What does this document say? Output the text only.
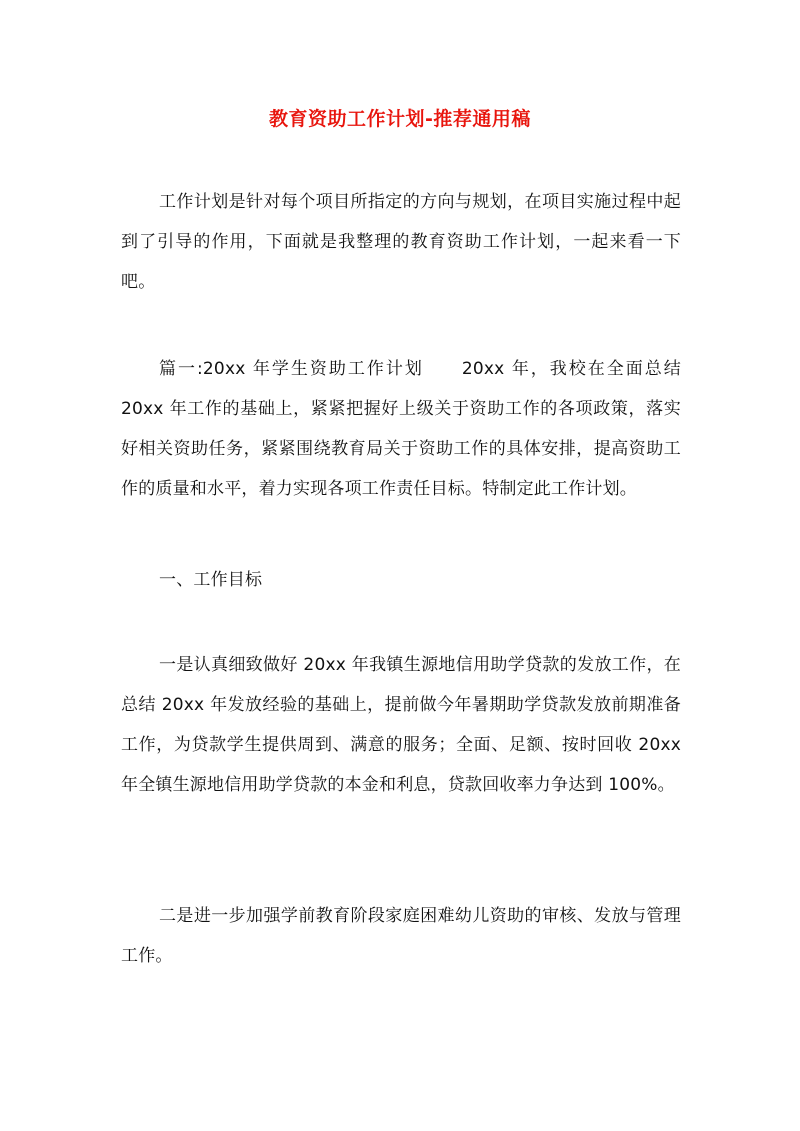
教育资助工作计划-推荐通用稿

工作计划是针对每个项目所指定的方向与规划，在项目实施过程中起到了引导的作用，下面就是我整理的教育资助工作计划，一起来看一下吧。

篇一:20xx 年学生资助工作计划 20xx 年，我校在全面总结 20xx 年工作的基础上，紧紧把握好上级关于资助工作的各项政策，落实好相关资助任务，紧紧围绕教育局关于资助工作的具体安排，提高资助工作的质量和水平，着力实现各项工作责任目标。特制定此工作计划。

一、工作目标

一是认真细致做好 20xx 年我镇生源地信用助学贷款的发放工作，在总结 20xx 年发放经验的基础上，提前做今年暑期助学贷款发放前期准备工作，为贷款学生提供周到、满意的服务；全面、足额、按时回收 20xx 年全镇生源地信用助学贷款的本金和利息，贷款回收率力争达到 100%。

二是进一步加强学前教育阶段家庭困难幼儿资助的审核、发放与管理工作。
